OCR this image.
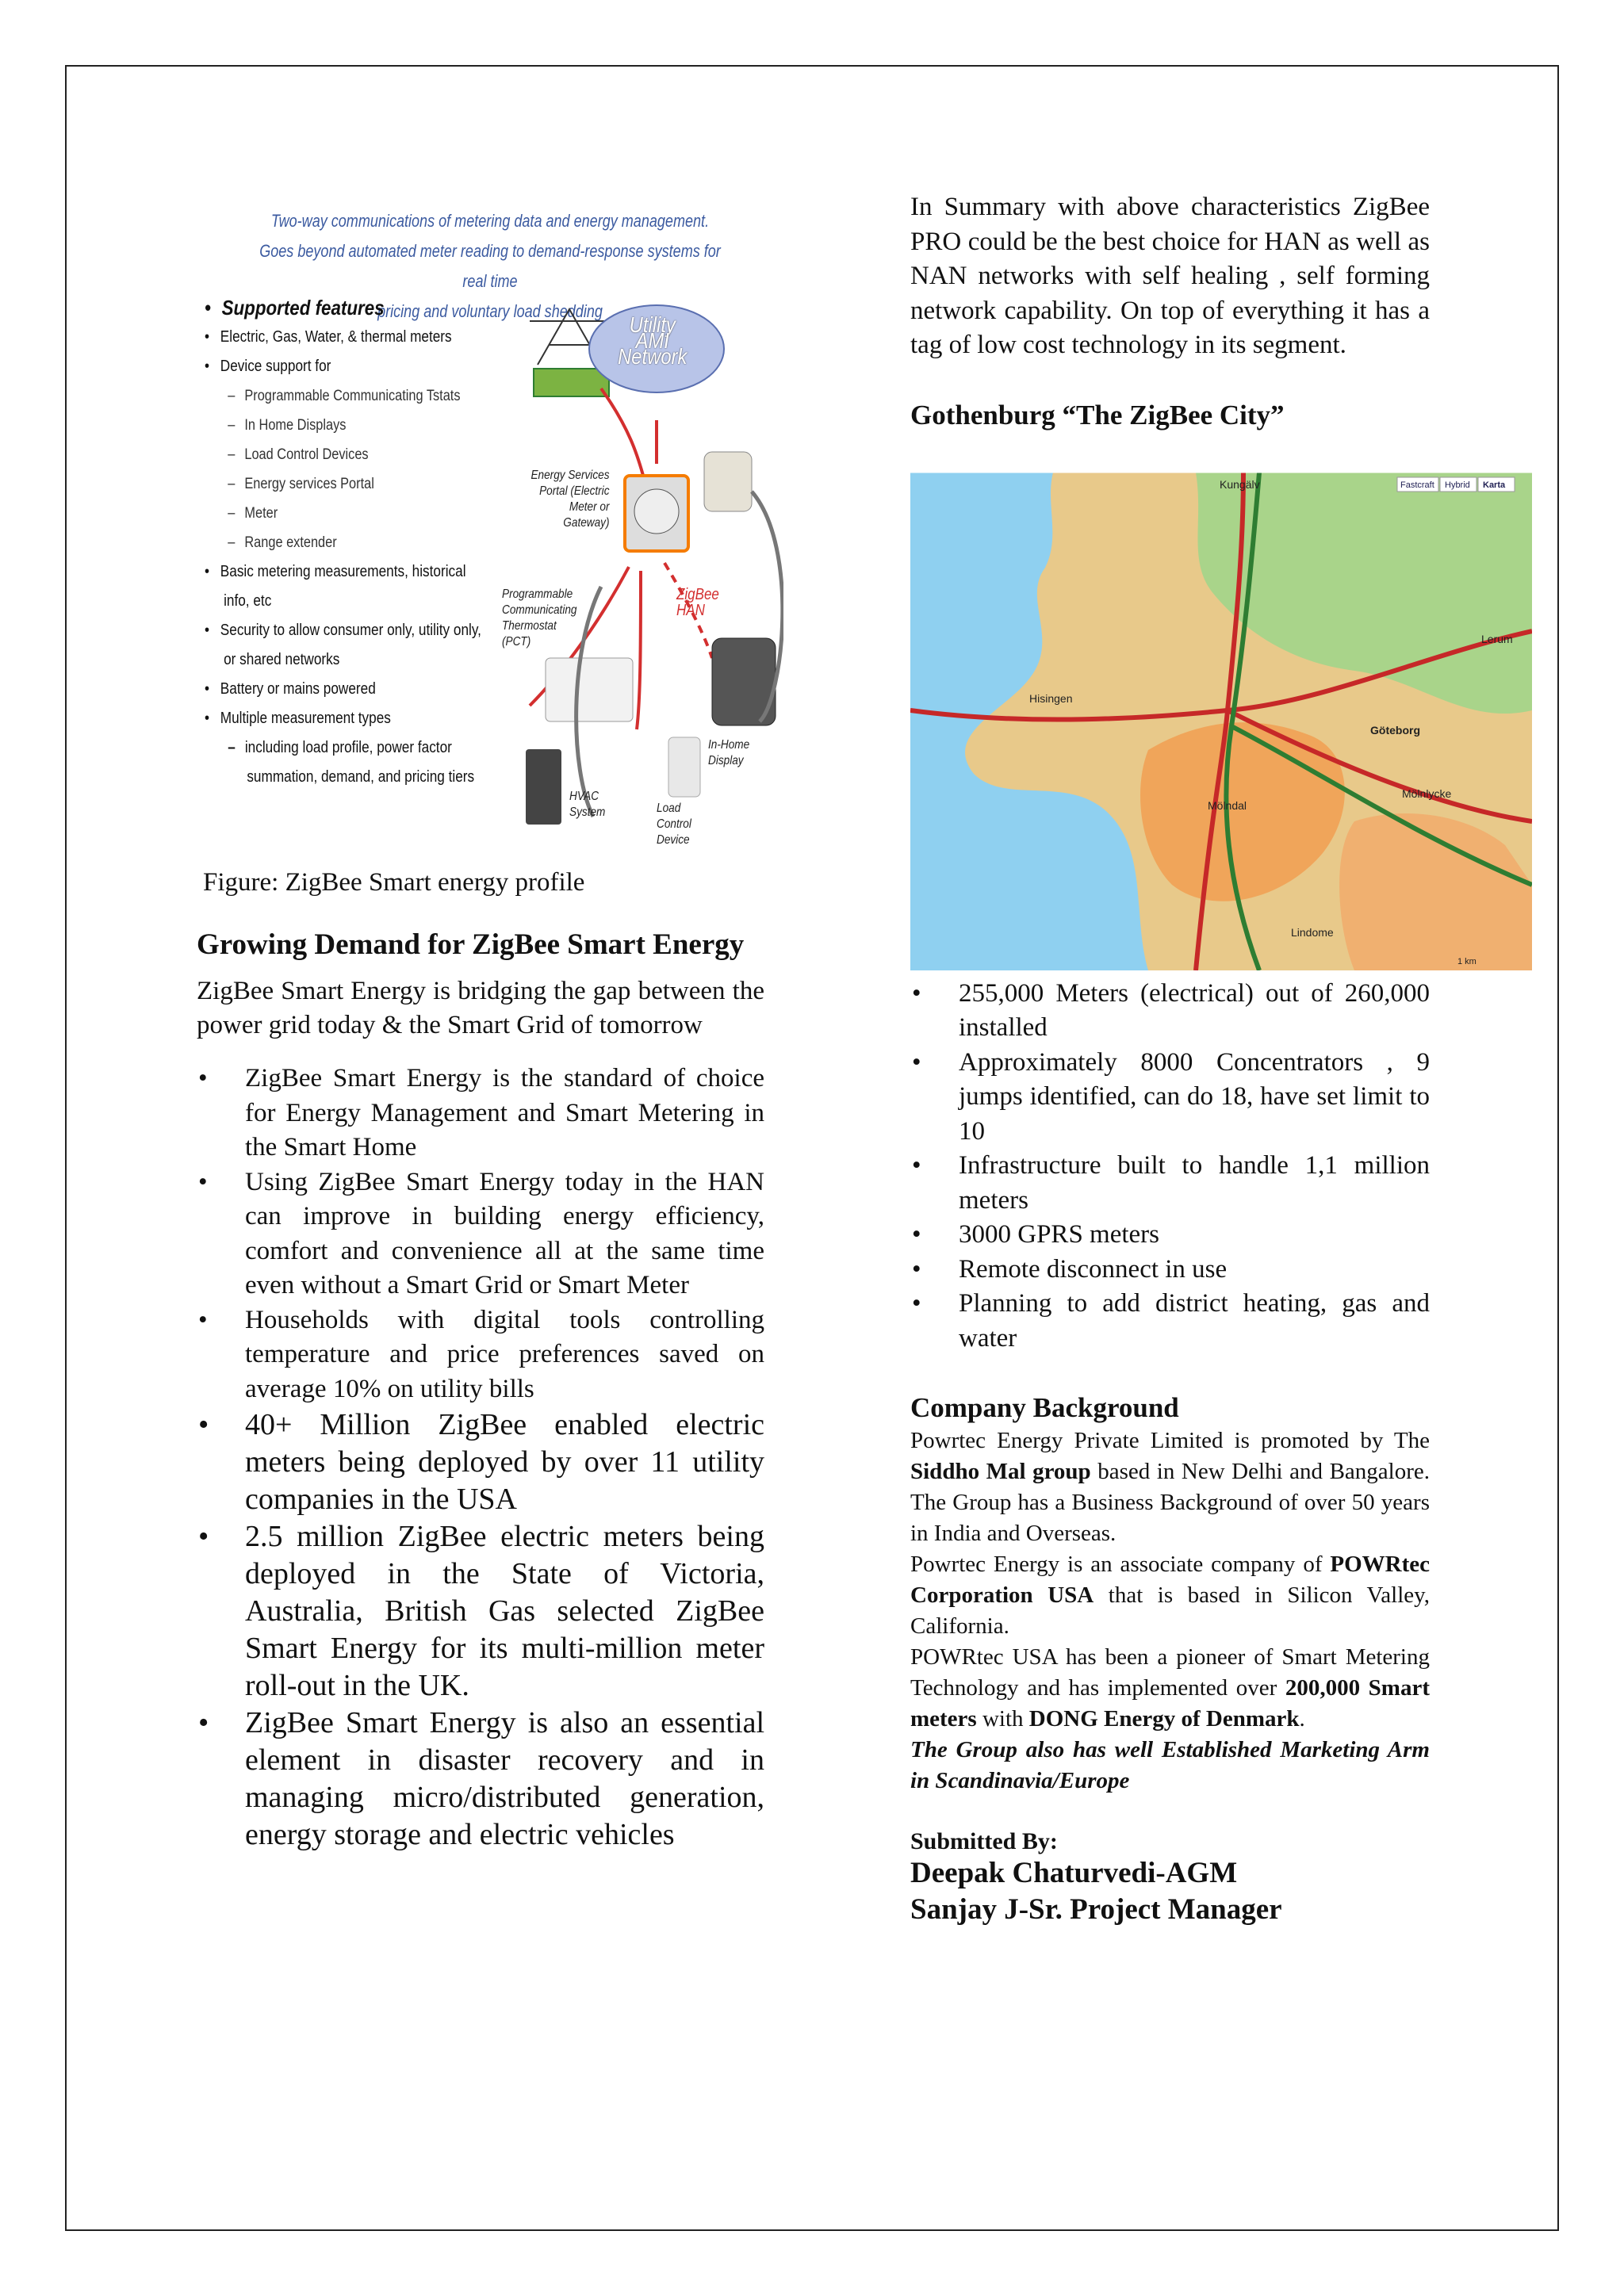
Two-way communications of metering data and energy management.
Goes beyond automated meter reading to demand-response systems for real time
pricing and voluntary load shedding
• Supported features
• Electric, Gas, Water, & thermal meters
• Device support for
– Programmable Communicating Tstats
– In Home Displays
– Load Control Devices
– Energy services Portal
– Meter
– Range extender
• Basic metering measurements, historical
info, etc
• Security to allow consumer only, utility only,
or shared networks
• Battery or mains powered
• Multiple measurement types
– including load profile, power factor
summation, demand, and pricing tiers
Utility AMI Network
Energy Services Portal (Electric Meter or Gateway)
Programmable Communicating Thermostat (PCT)
ZigBee HAN
In-Home Display
HVAC System	Load Control Device
Figure: ZigBee Smart energy profile
Growing Demand for ZigBee Smart Energy

ZigBee Smart Energy is bridging the gap between the power grid today & the Smart Grid of tomorrow

• ZigBee Smart Energy is the standard of choice for Energy Management and Smart Metering in the Smart Home
• Using ZigBee Smart Energy today in the HAN can improve in building energy efficiency, comfort and convenience all at the same time even without a Smart Grid or Smart Meter
• Households with digital tools controlling temperature and price preferences saved on average 10% on utility bills
• 40+ Million ZigBee enabled electric meters being deployed by over 11 utility companies in the USA
• 2.5 million ZigBee electric meters being deployed in the State of Victoria, Australia, British Gas selected ZigBee Smart Energy for its multi-million meter roll-out in the UK.
• ZigBee Smart Energy is also an essential element in disaster recovery and in managing micro/distributed generation, energy storage and electric vehicles

In Summary with above characteristics ZigBee PRO could be the best choice for HAN as well as NAN networks with self healing , self forming network capability. On top of everything it has a tag of low cost technology in its segment.

Gothenburg “The ZigBee City”
Kungälv
Göteborg
Mölndal
Mölnlycke
Lerum
Lindome
Hisingen
Fastcraft Hybrid Karta
1 km
• 255,000 Meters (electrical) out of 260,000 installed
• Approximately 8000 Concentrators , 9 jumps identified, can do 18, have set limit to 10
• Infrastructure built to handle 1,1 million meters
• 3000 GPRS meters
• Remote disconnect in use
• Planning to add district heating, gas and water
Company Background

Powrtec Energy Private Limited is promoted by The Siddho Mal group based in New Delhi and Bangalore. The Group has a Business Background of over 50 years in India and Overseas.

Powrtec Energy is an associate company of POWRtec Corporation USA that is based in Silicon Valley, California.

POWRtec USA has been a pioneer of Smart Metering Technology and has implemented over 200,000 Smart meters with DONG Energy of Denmark.

The Group also has well Established Marketing Arm in Scandinavia/Europe

Submitted By:

Deepak Chaturvedi-AGM

Sanjay J-Sr. Project Manager
